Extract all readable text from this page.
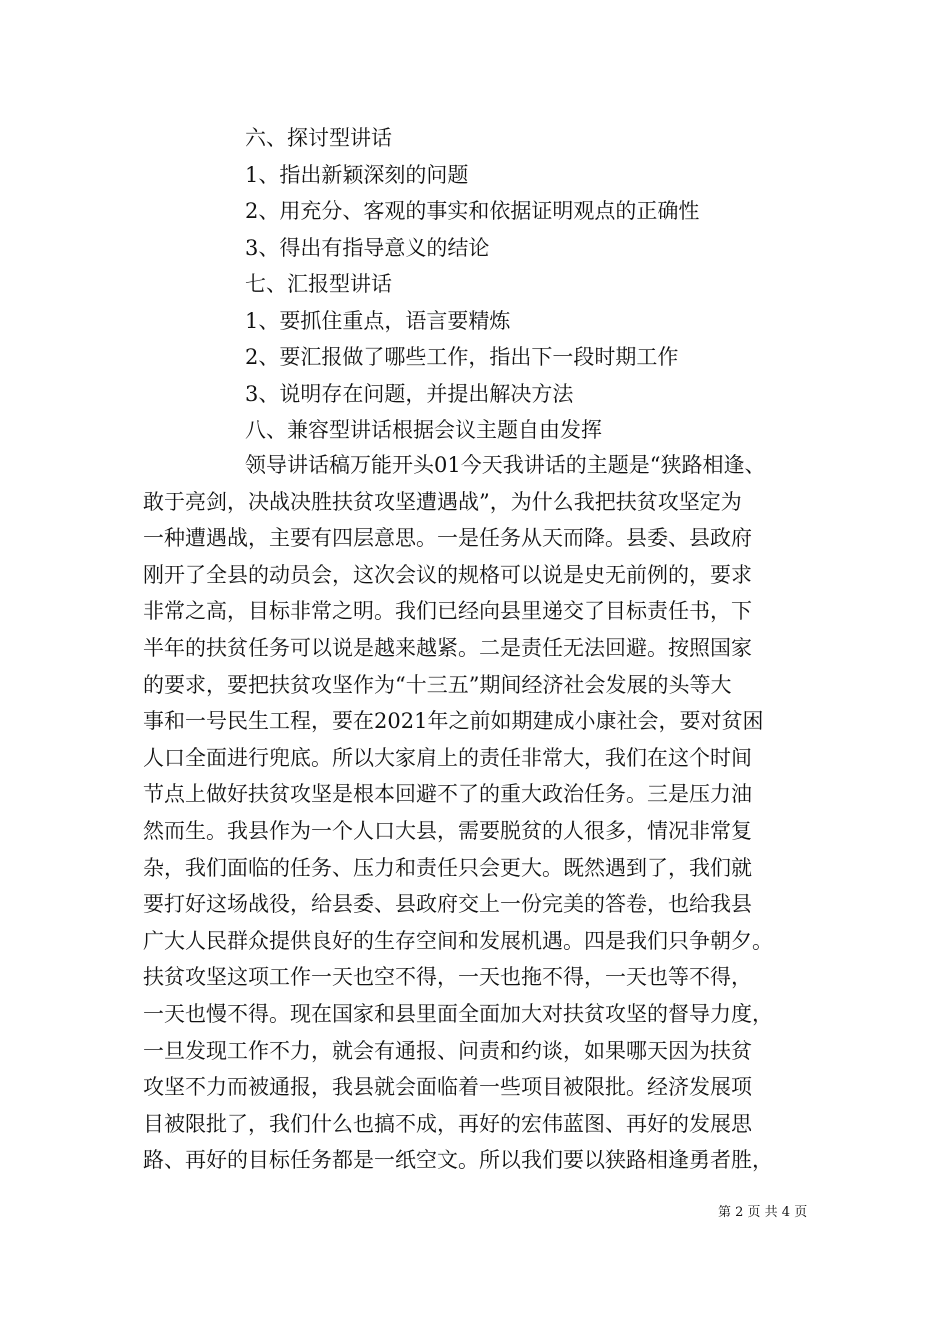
六、探讨型讲话
1、指出新颖深刻的问题
2、用充分、客观的事实和依据证明观点的正确性
3、得出有指导意义的结论
七、汇报型讲话
1、要抓住重点，语言要精炼
2、要汇报做了哪些工作，指出下一段时期工作
3、说明存在问题，并提出解决方法
八、兼容型讲话根据会议主题自由发挥
领导讲话稿万能开头01今天我讲话的主题是“狭路相逢、
敢于亮剑，决战决胜扶贫攻坚遭遇战”，为什么我把扶贫攻坚定为
一种遭遇战，主要有四层意思。一是任务从天而降。县委、县政府
刚开了全县的动员会，这次会议的规格可以说是史无前例的，要求
非常之高，目标非常之明。我们已经向县里递交了目标责任书，下
半年的扶贫任务可以说是越来越紧。二是责任无法回避。按照国家
的要求，要把扶贫攻坚作为“十三五”期间经济社会发展的头等大
事和一号民生工程，要在2021年之前如期建成小康社会，要对贫困
人口全面进行兜底。所以大家肩上的责任非常大，我们在这个时间
节点上做好扶贫攻坚是根本回避不了的重大政治任务。三是压力油
然而生。我县作为一个人口大县，需要脱贫的人很多，情况非常复
杂，我们面临的任务、压力和责任只会更大。既然遇到了，我们就
要打好这场战役，给县委、县政府交上一份完美的答卷，也给我县
广大人民群众提供良好的生存空间和发展机遇。四是我们只争朝夕。
扶贫攻坚这项工作一天也空不得，一天也拖不得，一天也等不得，
一天也慢不得。现在国家和县里面全面加大对扶贫攻坚的督导力度，
一旦发现工作不力，就会有通报、问责和约谈，如果哪天因为扶贫
攻坚不力而被通报，我县就会面临着一些项目被限批。经济发展项
目被限批了，我们什么也搞不成，再好的宏伟蓝图、再好的发展思
路、再好的目标任务都是一纸空文。所以我们要以狭路相逢勇者胜，
第 2 页 共 4 页
